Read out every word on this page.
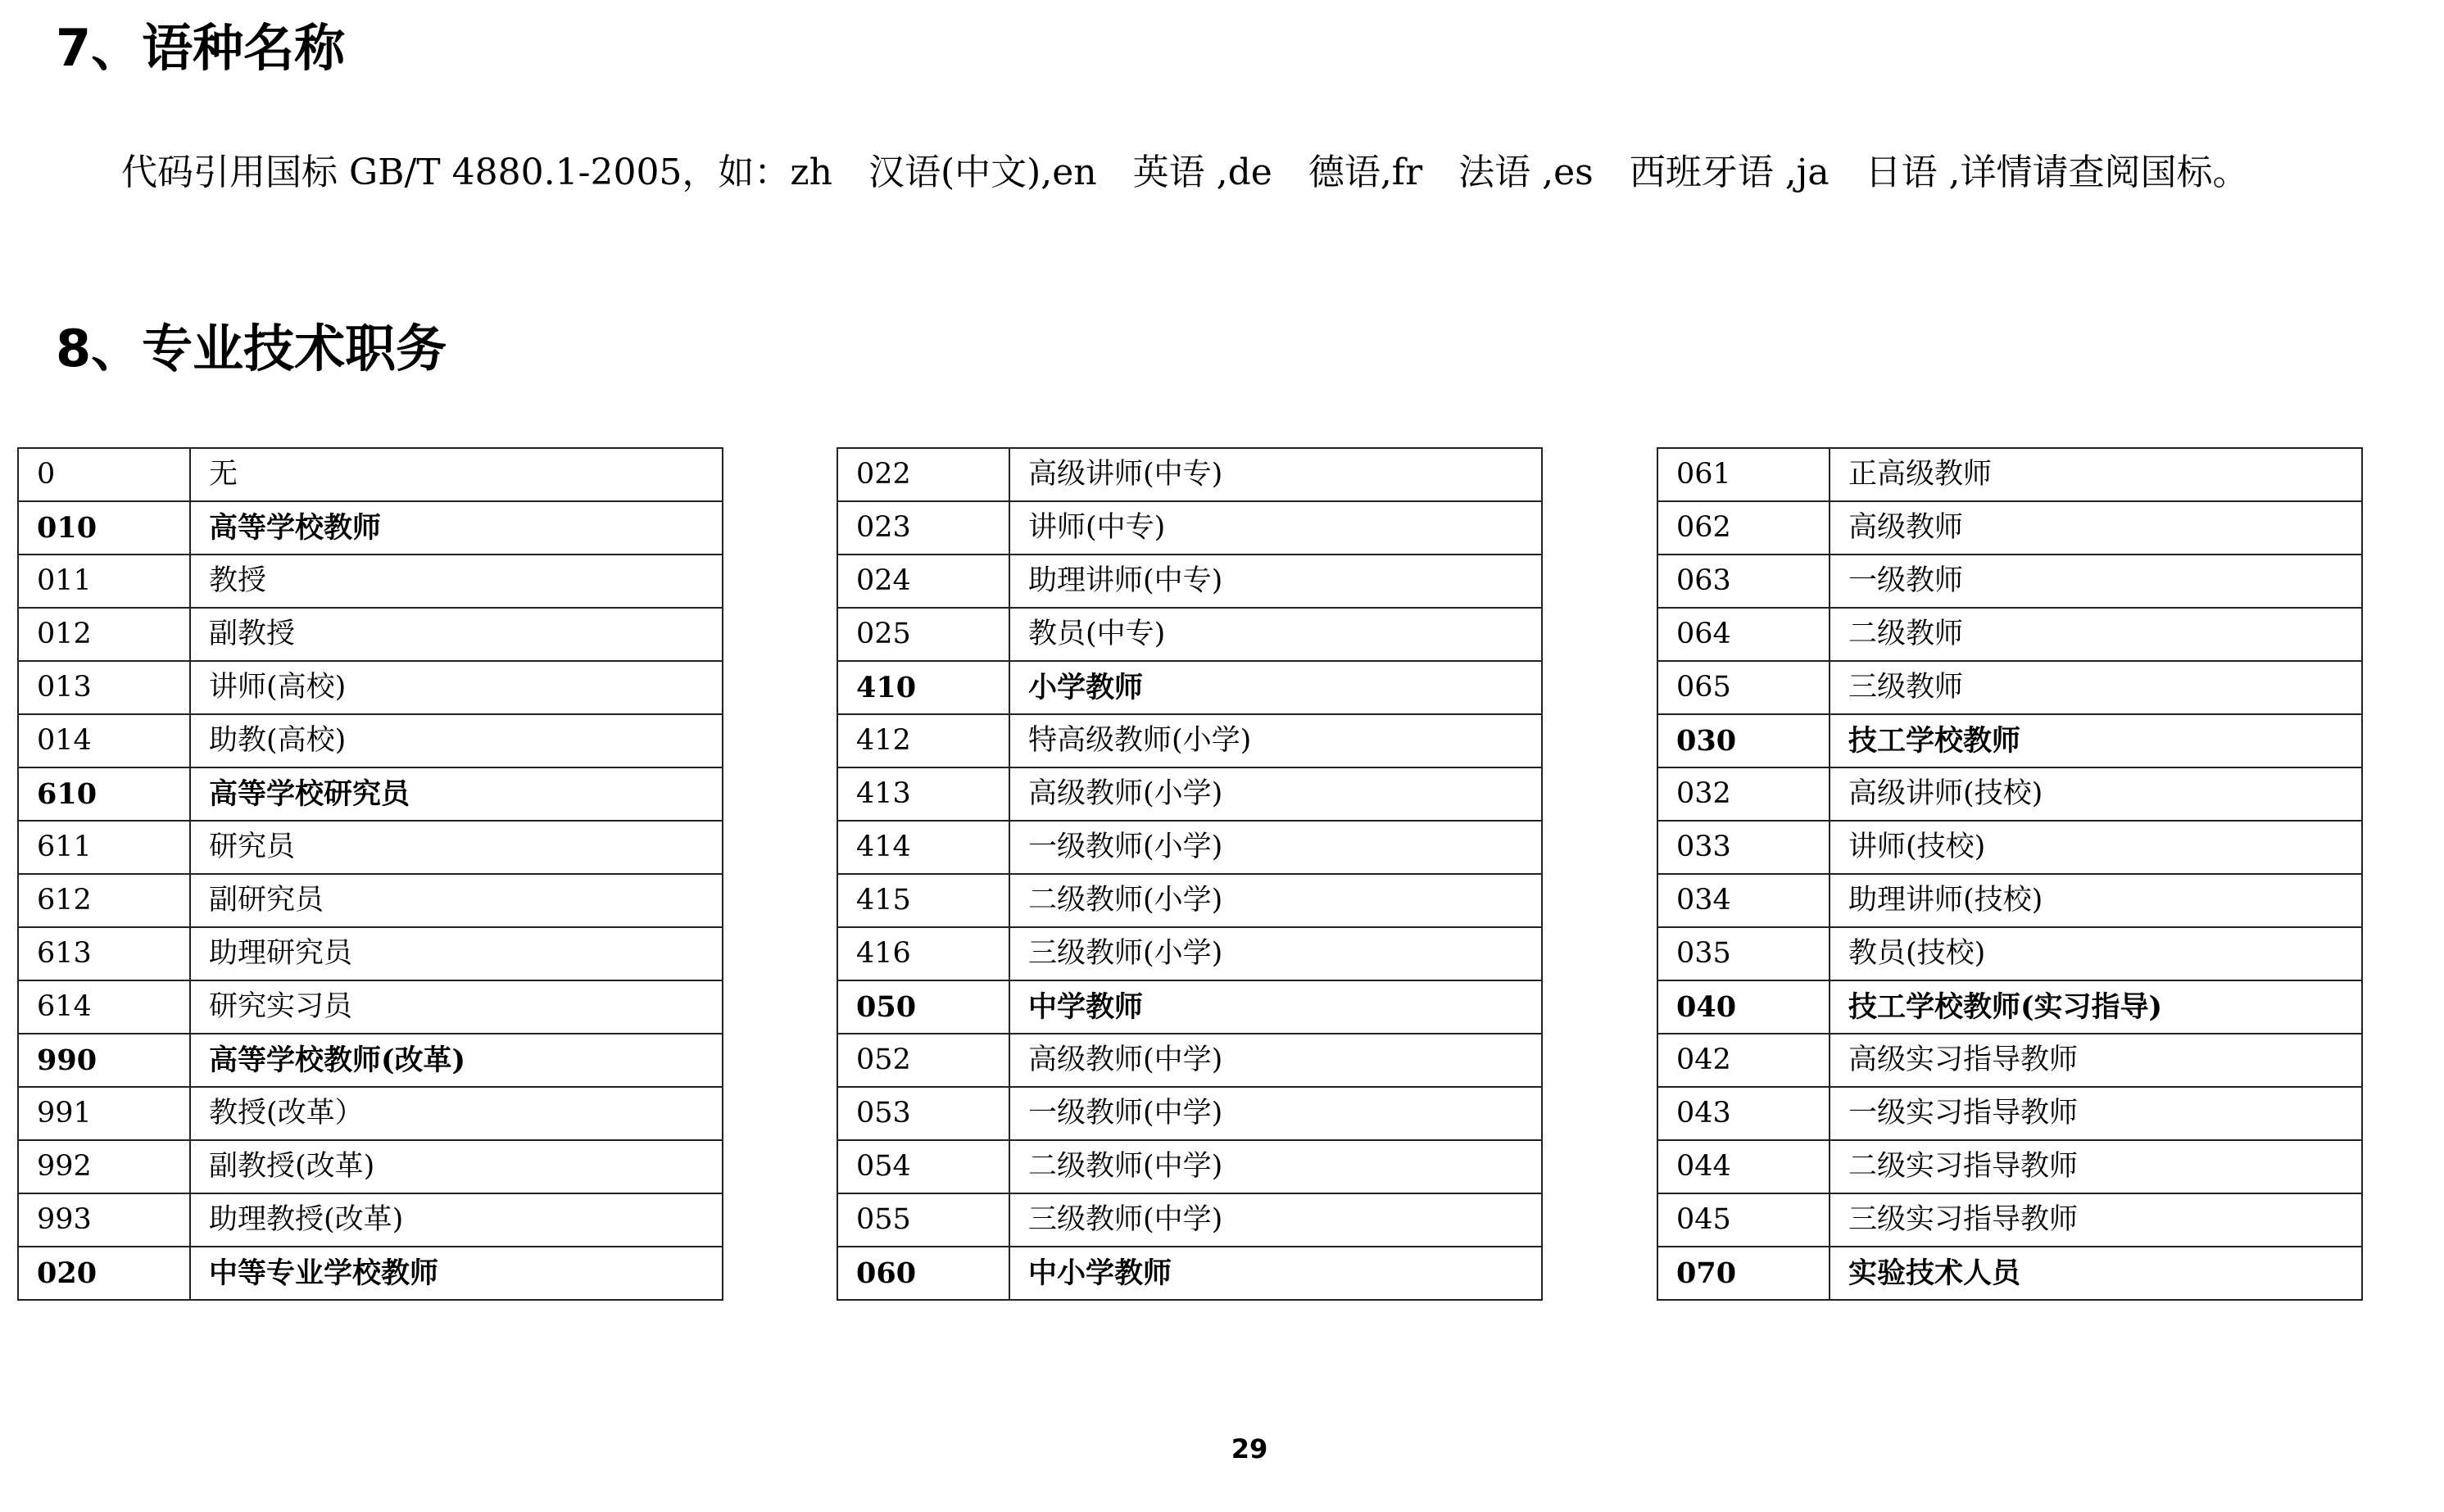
7、语种名称

代码引用国标 GB/T 4880.1-2005，如：zh　汉语(中文),en　英语 ,de　德语,fr　法语 ,es　西班牙语 ,ja　日语 ,详情请查阅国标。

8、专业技术职务
0	无
010	高等学校教师
011	教授
012	副教授
013	讲师(高校)
014	助教(高校)
610	高等学校研究员
611	研究员
612	副研究员
613	助理研究员
614	研究实习员
990	高等学校教师(改革)
991	教授(改革）
992	副教授(改革)
993	助理教授(改革)
020	中等专业学校教师
022	高级讲师(中专)
023	讲师(中专)
024	助理讲师(中专)
025	教员(中专)
410	小学教师
412	特高级教师(小学)
413	高级教师(小学)
414	一级教师(小学)
415	二级教师(小学)
416	三级教师(小学)
050	中学教师
052	高级教师(中学)
053	一级教师(中学)
054	二级教师(中学)
055	三级教师(中学)
060	中小学教师
061	正高级教师
062	高级教师
063	一级教师
064	二级教师
065	三级教师
030	技工学校教师
032	高级讲师(技校)
033	讲师(技校)
034	助理讲师(技校)
035	教员(技校)
040	技工学校教师(实习指导)
042	高级实习指导教师
043	一级实习指导教师
044	二级实习指导教师
045	三级实习指导教师
070	实验技术人员
29
